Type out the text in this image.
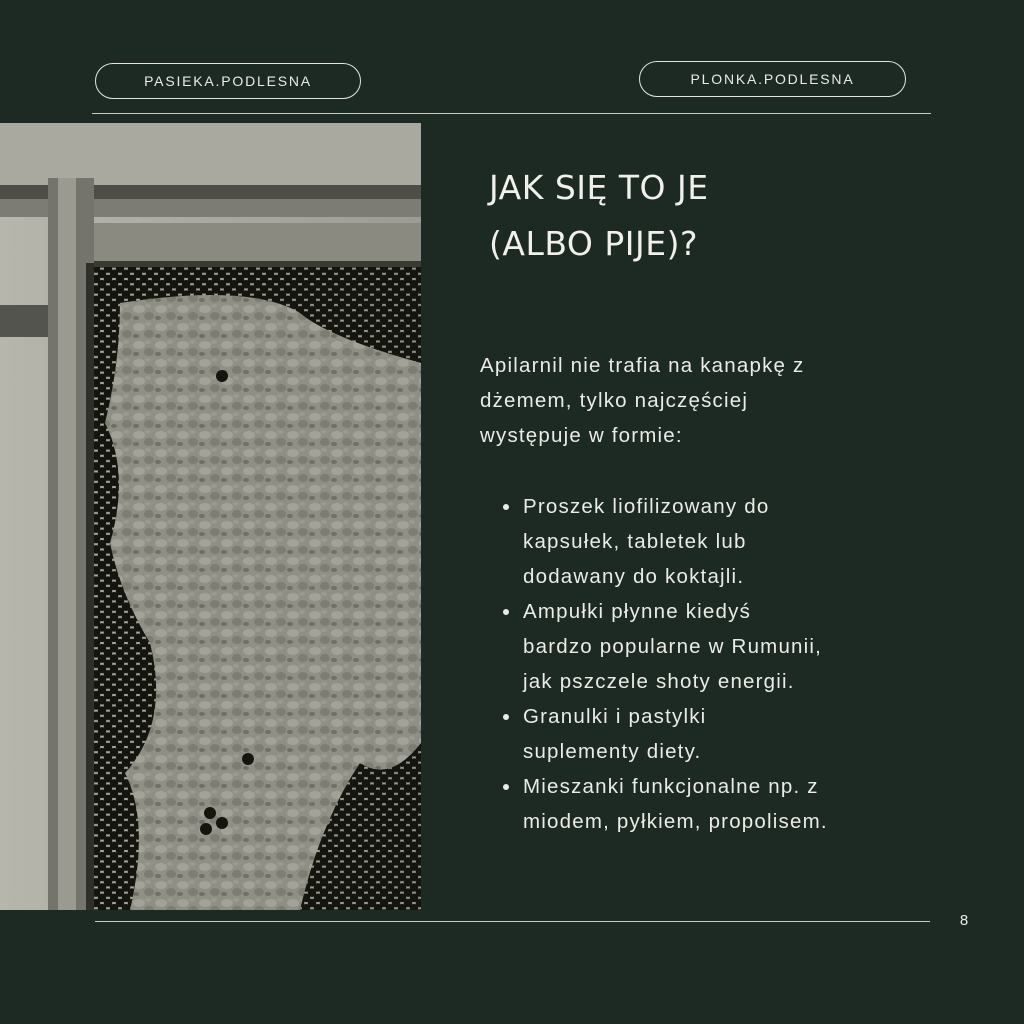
PASIEKA.PODLESNA	PLONKA.PODLESNA
JAK SIĘ TO JE
(ALBO PIJE)?

Apilarnil nie trafia na kanapkę z
dżemem, tylko najczęściej
występuje w formie:

Proszek liofilizowany do
kapsułek, tabletek lub
dodawany do koktajli.
Ampułki płynne kiedyś
bardzo popularne w Rumunii,
jak pszczele shoty energii.
Granulki i pastylki
suplementy diety.
Mieszanki funkcjonalne np. z
miodem, pyłkiem, propolisem.
8
